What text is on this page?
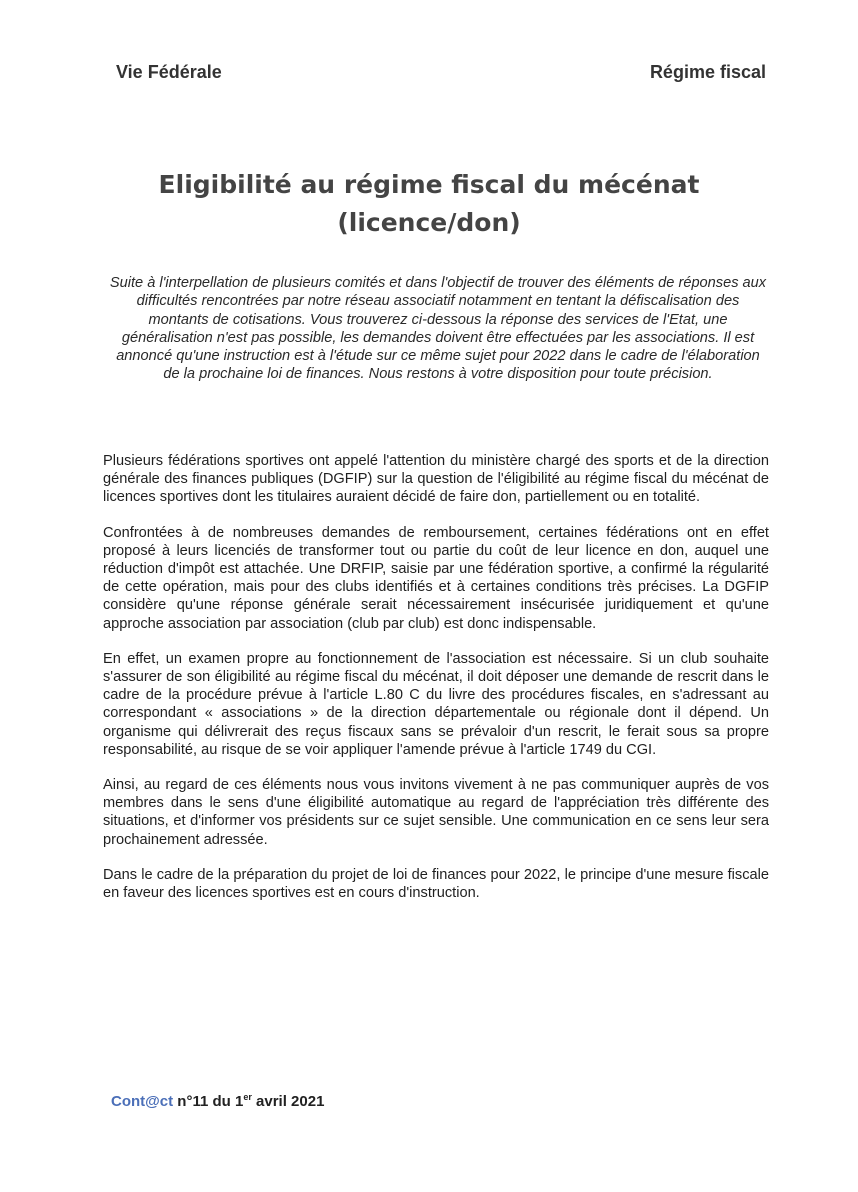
Vie Fédérale	Régime fiscal
Eligibilité au régime fiscal du mécénat
(licence/don)
Suite à l'interpellation de plusieurs comités et dans l'objectif de trouver des éléments de réponses aux difficultés rencontrées par notre réseau associatif notamment en tentant la défiscalisation des montants de cotisations. Vous trouverez ci-dessous la réponse des services de l'Etat, une généralisation n'est pas possible, les demandes doivent être effectuées par les associations. Il est annoncé qu'une instruction est à l'étude sur ce même sujet pour 2022 dans le cadre de l'élaboration de la prochaine loi de finances. Nous restons à votre disposition pour toute précision.

Plusieurs fédérations sportives ont appelé l'attention du ministère chargé des sports et de la direction générale des finances publiques (DGFIP) sur la question de l'éligibilité au régime fiscal du mécénat de licences sportives dont les titulaires auraient décidé de faire don, partiellement ou en totalité.

Confrontées à de nombreuses demandes de remboursement, certaines fédérations ont en effet proposé à leurs licenciés de transformer tout ou partie du coût de leur licence en don, auquel une réduction d'impôt est attachée. Une DRFIP, saisie par une fédération sportive, a confirmé la régularité de cette opération, mais pour des clubs identifiés et à certaines conditions très précises. La DGFIP considère qu'une réponse générale serait nécessairement insécurisée juridiquement et qu'une approche association par association (club par club) est donc indispensable.

En effet, un examen propre au fonctionnement de l'association est nécessaire. Si un club souhaite s'assurer de son éligibilité au régime fiscal du mécénat, il doit déposer une demande de rescrit dans le cadre de la procédure prévue à l'article L.80 C du livre des procédures fiscales, en s'adressant au correspondant « associations » de la direction départementale ou régionale dont il dépend. Un organisme qui délivrerait des reçus fiscaux sans se prévaloir d'un rescrit, le ferait sous sa propre responsabilité, au risque de se voir appliquer l'amende prévue à l'article 1749 du CGI.

Ainsi, au regard de ces éléments nous vous invitons vivement à ne pas communiquer auprès de vos membres dans le sens d'une éligibilité automatique au regard de l'appréciation très différente des situations, et d'informer vos présidents sur ce sujet sensible. Une communication en ce sens leur sera prochainement adressée.

Dans le cadre de la préparation du projet de loi de finances pour 2022, le principe d'une mesure fiscale en faveur des licences sportives est en cours d'instruction.

Cont@ct n°11 du 1er avril 2021
